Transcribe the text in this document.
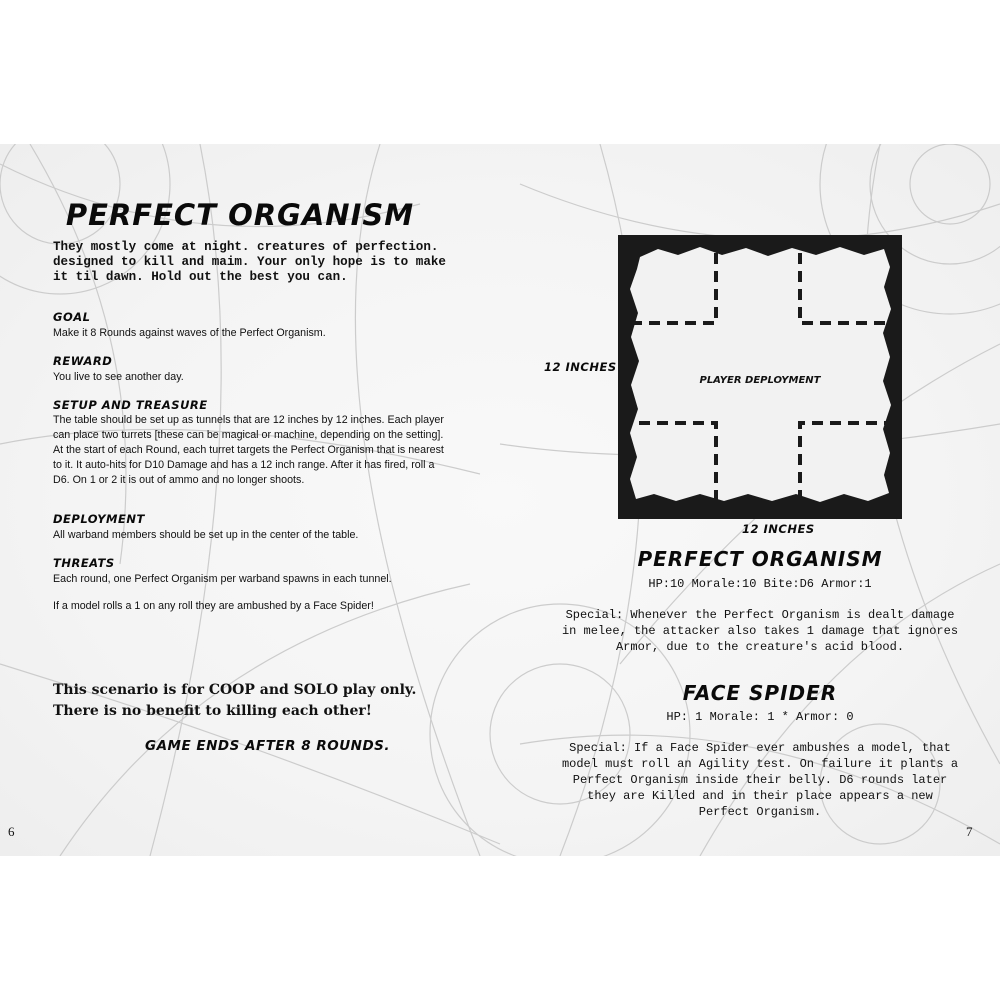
PERFECT ORGANISM

They mostly come at night. creatures of perfection. designed to kill and maim. Your only hope is to make it til dawn. Hold out the best you can.

GOAL

Make it 8 Rounds against waves of the Perfect Organism.

REWARD

You live to see another day.

SETUP AND TREASURE

The table should be set up as tunnels that are 12 inches by 12 inches. Each player can place two turrets [these can be magical or machine, depending on the setting]. At the start of each Round, each turret targets the Perfect Organism that is nearest to it. It auto-hits for D10 Damage and has a 12 inch range. After it has fired, roll a D6. On 1 or 2 it is out of ammo and no longer shoots.

DEPLOYMENT

All warband members should be set up in the center of the table.

THREATS

Each round, one Perfect Organism per warband spawns in each tunnel.

If a model rolls a 1 on any roll they are ambushed by a Face Spider!

This scenario is for COOP and SOLO play only.
There is no benefit to killing each other!
GAME ENDS AFTER 8 ROUNDS.
6
12 INCHES
PLAYER DEPLOYMENT
12 INCHES
PERFECT ORGANISM

HP:10 Morale:10 Bite:D6 Armor:1

Special: Whenever the Perfect Organism is dealt damage in melee, the attacker also takes 1 damage that ignores Armor, due to the creature's acid blood.

FACE SPIDER

HP: 1 Morale: 1 * Armor: 0

Special: If a Face Spider ever ambushes a model, that model must roll an Agility test. On failure it plants a Perfect Organism inside their belly. D6 rounds later they are Killed and in their place appears a new Perfect Organism.

7
